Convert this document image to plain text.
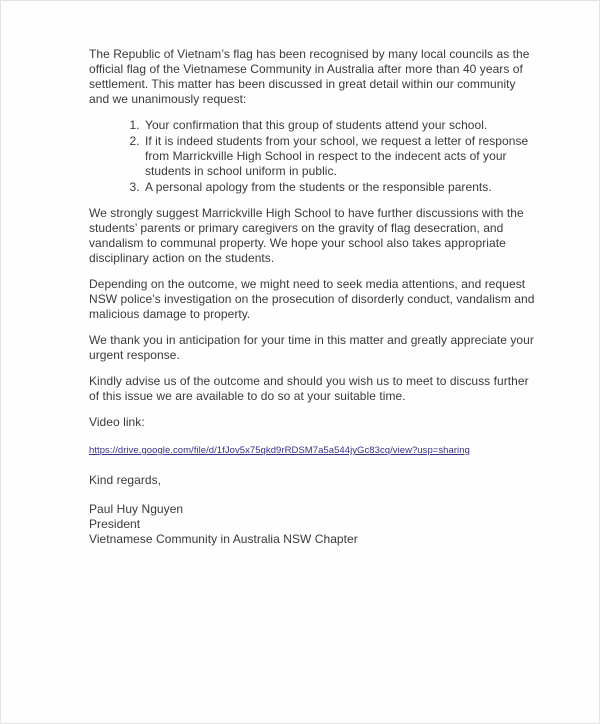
The Republic of Vietnam’s flag has been recognised by many local councils as the official flag of the Vietnamese Community in Australia after more than 40 years of settlement. This matter has been discussed in great detail within our community and we unanimously request:

1. Your confirmation that this group of students attend your school.
2. If it is indeed students from your school, we request a letter of response from Marrickville High School in respect to the indecent acts of your students in school uniform in public.
3. A personal apology from the students or the responsible parents.

We strongly suggest Marrickville High School to have further discussions with the students’ parents or primary caregivers on the gravity of flag desecration, and vandalism to communal property. We hope your school also takes appropriate disciplinary action on the students.

Depending on the outcome, we might need to seek media attentions, and request NSW police’s investigation on the prosecution of disorderly conduct, vandalism and malicious damage to property.

We thank you in anticipation for your time in this matter and greatly appreciate your urgent response.

Kindly advise us of the outcome and should you wish us to meet to discuss further of this issue we are available to do so at your suitable time.

Video link:

https://drive.google.com/file/d/1fJov5x75qkd9rRDSM7a5a544jyGc83cq/view?usp=sharing

Kind regards,

Paul Huy Nguyen

President

Vietnamese Community in Australia NSW Chapter
